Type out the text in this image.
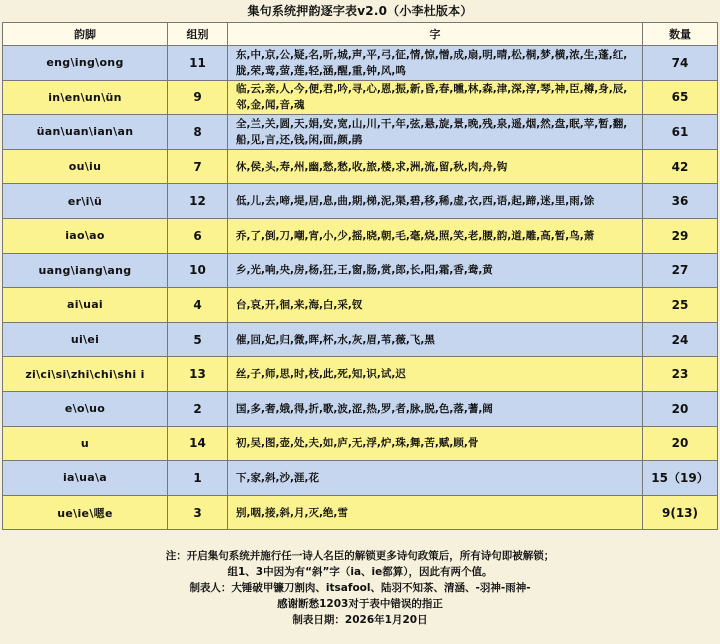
集句系统押韵逐字表v2.0（小李杜版本）
韵脚	组别	字	数量
eng\ing\ong	11	东,中,京,公,疑,名,听,城,声,平,弓,征,情,惊,憎,成,扇,明,晴,松,桐,梦,横,浓,生,蓬,红,胧,荣,莺,萤,莲,轻,涵,醒,重,钟,风,鸣	74
in\en\un\ün	9	临,云,亲,人,今,便,君,吟,寻,心,恩,振,新,昏,春,曛,林,森,津,深,淳,琴,神,臣,樽,身,辰,邻,金,闻,音,魂	65
üan\uan\ian\an	8	全,兰,关,圆,天,娟,安,宽,山,川,干,年,弦,悬,旋,景,晚,残,泉,遥,烟,然,盘,眠,苹,暂,翻,船,见,言,还,钱,闲,面,颜,鹃	61
ou\iu	7	休,侯,头,寿,州,幽,愁,愁,收,旅,楼,求,洲,流,留,秋,肉,舟,钩	42
er\i\ü	12	低,儿,去,啼,堤,居,息,曲,期,梯,泥,渠,碧,移,稀,虚,衣,西,语,起,蹄,迷,里,雨,馀	36
iao\ao	6	乔,了,倒,刀,嘲,宵,小,少,摇,晓,朝,毛,毫,烧,照,笑,老,腰,韵,道,雕,高,暂,鸟,萧	29
uang\iang\ang	10	乡,光,响,央,房,杨,狂,王,窗,肠,赏,郎,长,阳,霜,香,鸯,黄	27
ai\uai	4	台,哀,开,徊,来,海,白,采,钗	25
ui\ei	5	催,回,妃,归,微,晖,杯,水,灰,眉,苇,薇,飞,黑	24
zi\ci\si\zhi\chi\shi i	13	丝,子,师,思,时,枝,此,死,知,识,试,迟	23
e\o\uo	2	国,多,奢,娥,得,折,歌,波,涩,热,罗,者,脉,脱,色,落,蓍,阔	20
u	14	初,吴,图,壶,处,夫,如,庐,无,浮,炉,珠,舞,苦,赋,顾,骨	20
ia\ua\a	1	下,家,斜,沙,涯,花	15（19）
ue\ie\嗯e	3	别,咽,接,斜,月,灭,绝,雪	9(13)
注：开启集句系统并施行任一诗人名臣的解锁更多诗句政策后，所有诗句即被解锁；
组1、3中因为有“斜”字（ia、ie都算），因此有两个值。
制表人：大锤破甲镰刀割肉、itsafool、陆羽不知茶、清涵、-羽神-雨神-
感谢断愁1203对于表中错误的指正
制表日期：2026年1月20日
